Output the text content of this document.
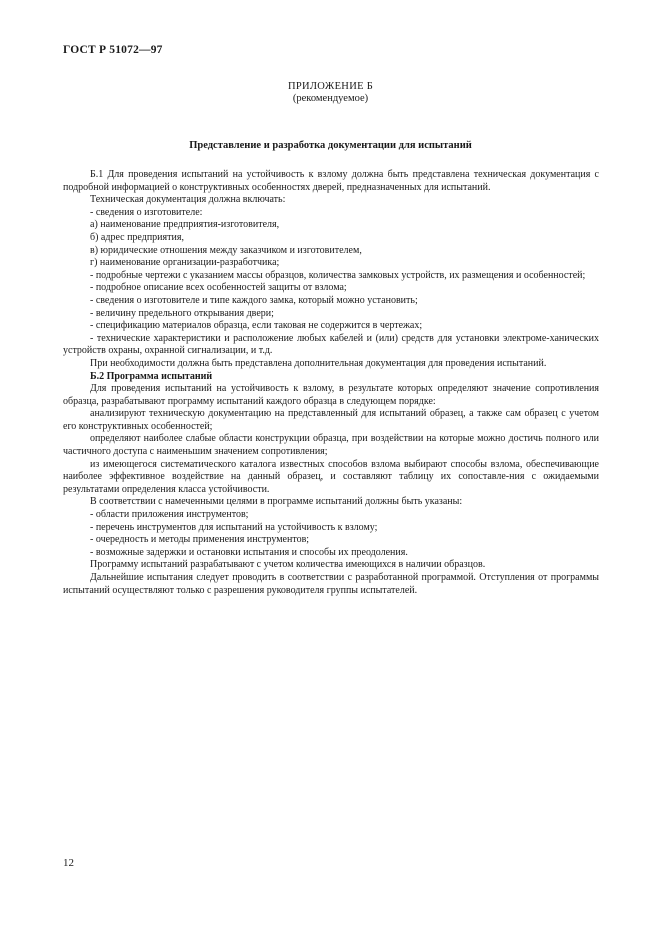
ГОСТ Р 51072—97
ПРИЛОЖЕНИЕ Б
(рекомендуемое)
Представление и разработка документации для испытаний

Б.1 Для проведения испытаний на устойчивость к взлому должна быть представлена техническая документация с подробной информацией о конструктивных особенностях дверей, предназначенных для испытаний.

Техническая документация должна включать:

- сведения о изготовителе:

а) наименование предприятия-изготовителя,

б) адрес предприятия,

в) юридические отношения между заказчиком и изготовителем,

г) наименование организации-разработчика;

- подробные чертежи с указанием массы образцов, количества замковых устройств, их размещения и особенностей;

- подробное описание всех особенностей защиты от взлома;

- сведения о изготовителе и типе каждого замка, который можно установить;

- величину предельного открывания двери;

- спецификацию материалов образца, если таковая не содержится в чертежах;

- технические характеристики и расположение любых кабелей и (или) средств для установки электроме-ханических устройств охраны, охранной сигнализации, и т.д.

При необходимости должна быть представлена дополнительная документация для проведения испытаний.

Б.2 Программа испытаний

Для проведения испытаний на устойчивость к взлому, в результате которых определяют значение сопротивления образца, разрабатывают программу испытаний каждого образца в следующем порядке:

анализируют техническую документацию на представленный для испытаний образец, а также сам образец с учетом его конструктивных особенностей;

определяют наиболее слабые области конструкции образца, при воздействии на которые можно достичь полного или частичного доступа с наименьшим значением сопротивления;

из имеющегося систематического каталога известных способов взлома выбирают способы взлома, обеспечивающие наиболее эффективное воздействие на данный образец, и составляют таблицу их сопоставле-ния с ожидаемыми результатами определения класса устойчивости.

В соответствии с намеченными целями в программе испытаний должны быть указаны:

- области приложения инструментов;

- перечень инструментов для испытаний на устойчивость к взлому;

- очередность и методы применения инструментов;

- возможные задержки и остановки испытания и способы их преодоления.

Программу испытаний разрабатывают с учетом количества имеющихся в наличии образцов.

Дальнейшие испытания следует проводить в соответствии с разработанной программой. Отступления от программы испытаний осуществляют только с разрешения руководителя группы испытателей.

12
